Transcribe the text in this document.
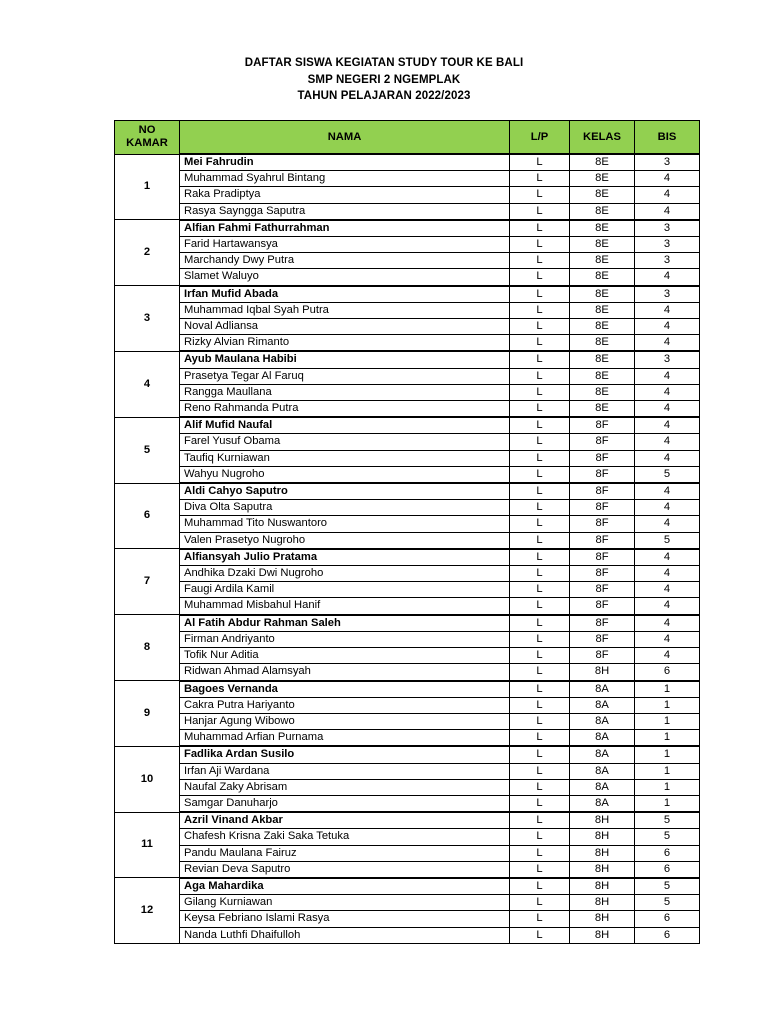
DAFTAR SISWA KEGIATAN STUDY TOUR KE BALI
SMP NEGERI 2 NGEMPLAK
TAHUN PELAJARAN 2022/2023
NO
KAMAR	NAMA	L/P	KELAS	BIS
1	Mei Fahrudin	L	8E	3
	Muhammad Syahrul Bintang	L	8E	4
	Raka Pradiptya	L	8E	4
	Rasya Sayngga Saputra	L	8E	4
2	Alfian Fahmi Fathurrahman	L	8E	3
	Farid Hartawansya	L	8E	3
	Marchandy Dwy Putra	L	8E	3
	Slamet Waluyo	L	8E	4
3	Irfan Mufid Abada	L	8E	3
	Muhammad Iqbal Syah Putra	L	8E	4
	Noval Adliansa	L	8E	4
	Rizky Alvian Rimanto	L	8E	4
4	Ayub Maulana Habibi	L	8E	3
	Prasetya Tegar Al Faruq	L	8E	4
	Rangga Maullana	L	8E	4
	Reno Rahmanda Putra	L	8E	4
5	Alif Mufid Naufal	L	8F	4
	Farel Yusuf Obama	L	8F	4
	Taufiq Kurniawan	L	8F	4
	Wahyu Nugroho	L	8F	5
6	Aldi Cahyo Saputro	L	8F	4
	Diva Olta Saputra	L	8F	4
	Muhammad Tito Nuswantoro	L	8F	4
	Valen Prasetyo Nugroho	L	8F	5
7	Alfiansyah Julio Pratama	L	8F	4
	Andhika Dzaki Dwi Nugroho	L	8F	4
	Faugi Ardila Kamil	L	8F	4
	Muhammad Misbahul Hanif	L	8F	4
8	Al Fatih Abdur Rahman Saleh	L	8F	4
	Firman Andriyanto	L	8F	4
	Tofik Nur Aditia	L	8F	4
	Ridwan Ahmad Alamsyah	L	8H	6
9	Bagoes Vernanda	L	8A	1
	Cakra Putra Hariyanto	L	8A	1
	Hanjar Agung Wibowo	L	8A	1
	Muhammad Arfian Purnama	L	8A	1
10	Fadlika Ardan Susilo	L	8A	1
	Irfan Aji Wardana	L	8A	1
	Naufal Zaky Abrisam	L	8A	1
	Samgar Danuharjo	L	8A	1
11	Azril Vinand Akbar	L	8H	5
	Chafesh Krisna Zaki Saka Tetuka	L	8H	5
	Pandu Maulana Fairuz	L	8H	6
	Revian Deva Saputro	L	8H	6
12	Aga Mahardika	L	8H	5
	Gilang Kurniawan	L	8H	5
	Keysa Febriano Islami Rasya	L	8H	6
	Nanda Luthfi Dhaifulloh	L	8H	6
